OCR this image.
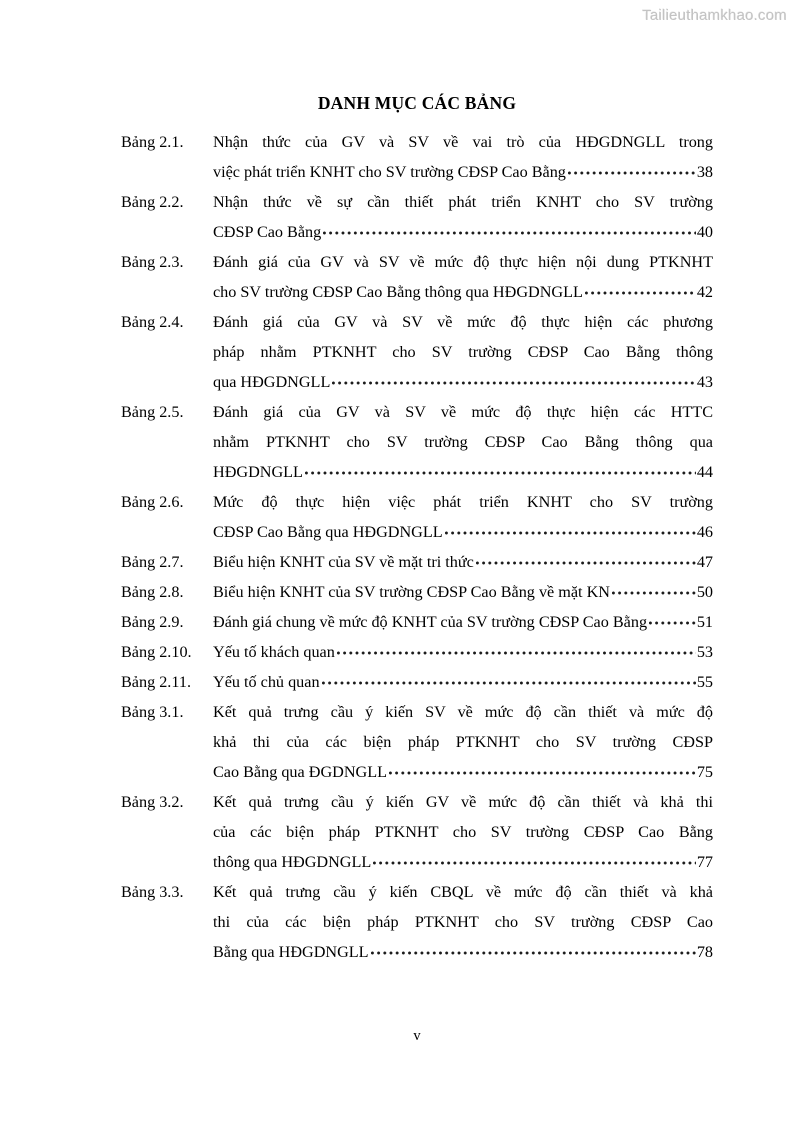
Tailieuthamkhao.com
DANH MỤC CÁC BẢNG
Bảng 2.1. Nhận thức của GV và SV về vai trò của HĐGDNGLL trong
việc phát triển KNHT cho SV trường CĐSP Cao Bằng	38
Bảng 2.2. Nhận thức về sự cần thiết phát triển KNHT cho SV trường
CĐSP Cao Bằng	40
Bảng 2.3. Đánh giá của GV và SV về mức độ thực hiện nội dung PTKNHT
cho SV trường CĐSP Cao Bằng thông qua HĐGDNGLL	42
Bảng 2.4. Đánh giá của GV và SV về mức độ thực hiện các phương
pháp nhằm PTKNHT cho SV trường CĐSP Cao Bằng thông
qua HĐGDNGLL	43
Bảng 2.5. Đánh giá của GV và SV về mức độ thực hiện các HTTC
nhằm PTKNHT cho SV trường CĐSP Cao Bằng thông qua
HĐGDNGLL	44
Bảng 2.6. Mức độ thực hiện việc phát triển KNHT cho SV trường
CĐSP Cao Bằng qua HĐGDNGLL	46
Bảng 2.7. Biểu hiện KNHT của SV về mặt tri thức	47
Bảng 2.8. Biểu hiện KNHT của SV trường CĐSP Cao Bằng về mặt KN	50
Bảng 2.9. Đánh giá chung về mức độ KNHT của SV trường CĐSP Cao Bằng	51
Bảng 2.10. Yếu tố khách quan	53
Bảng 2.11. Yếu tố chủ quan	55
Bảng 3.1. Kết quả trưng cầu ý kiến SV về mức độ cần thiết và mức độ
khả thi của các biện pháp PTKNHT cho SV trường CĐSP
Cao Bằng qua ĐGDNGLL	75
Bảng 3.2. Kết quả trưng cầu ý kiến GV về mức độ cần thiết và khả thi
của các biện pháp PTKNHT cho SV trường CĐSP Cao Bằng
thông qua HĐGDNGLL	77
Bảng 3.3. Kết quả trưng cầu ý kiến CBQL về mức độ cần thiết và khả
thi của các biện pháp PTKNHT cho SV trường CĐSP Cao
Bằng qua HĐGDNGLL	78
v
